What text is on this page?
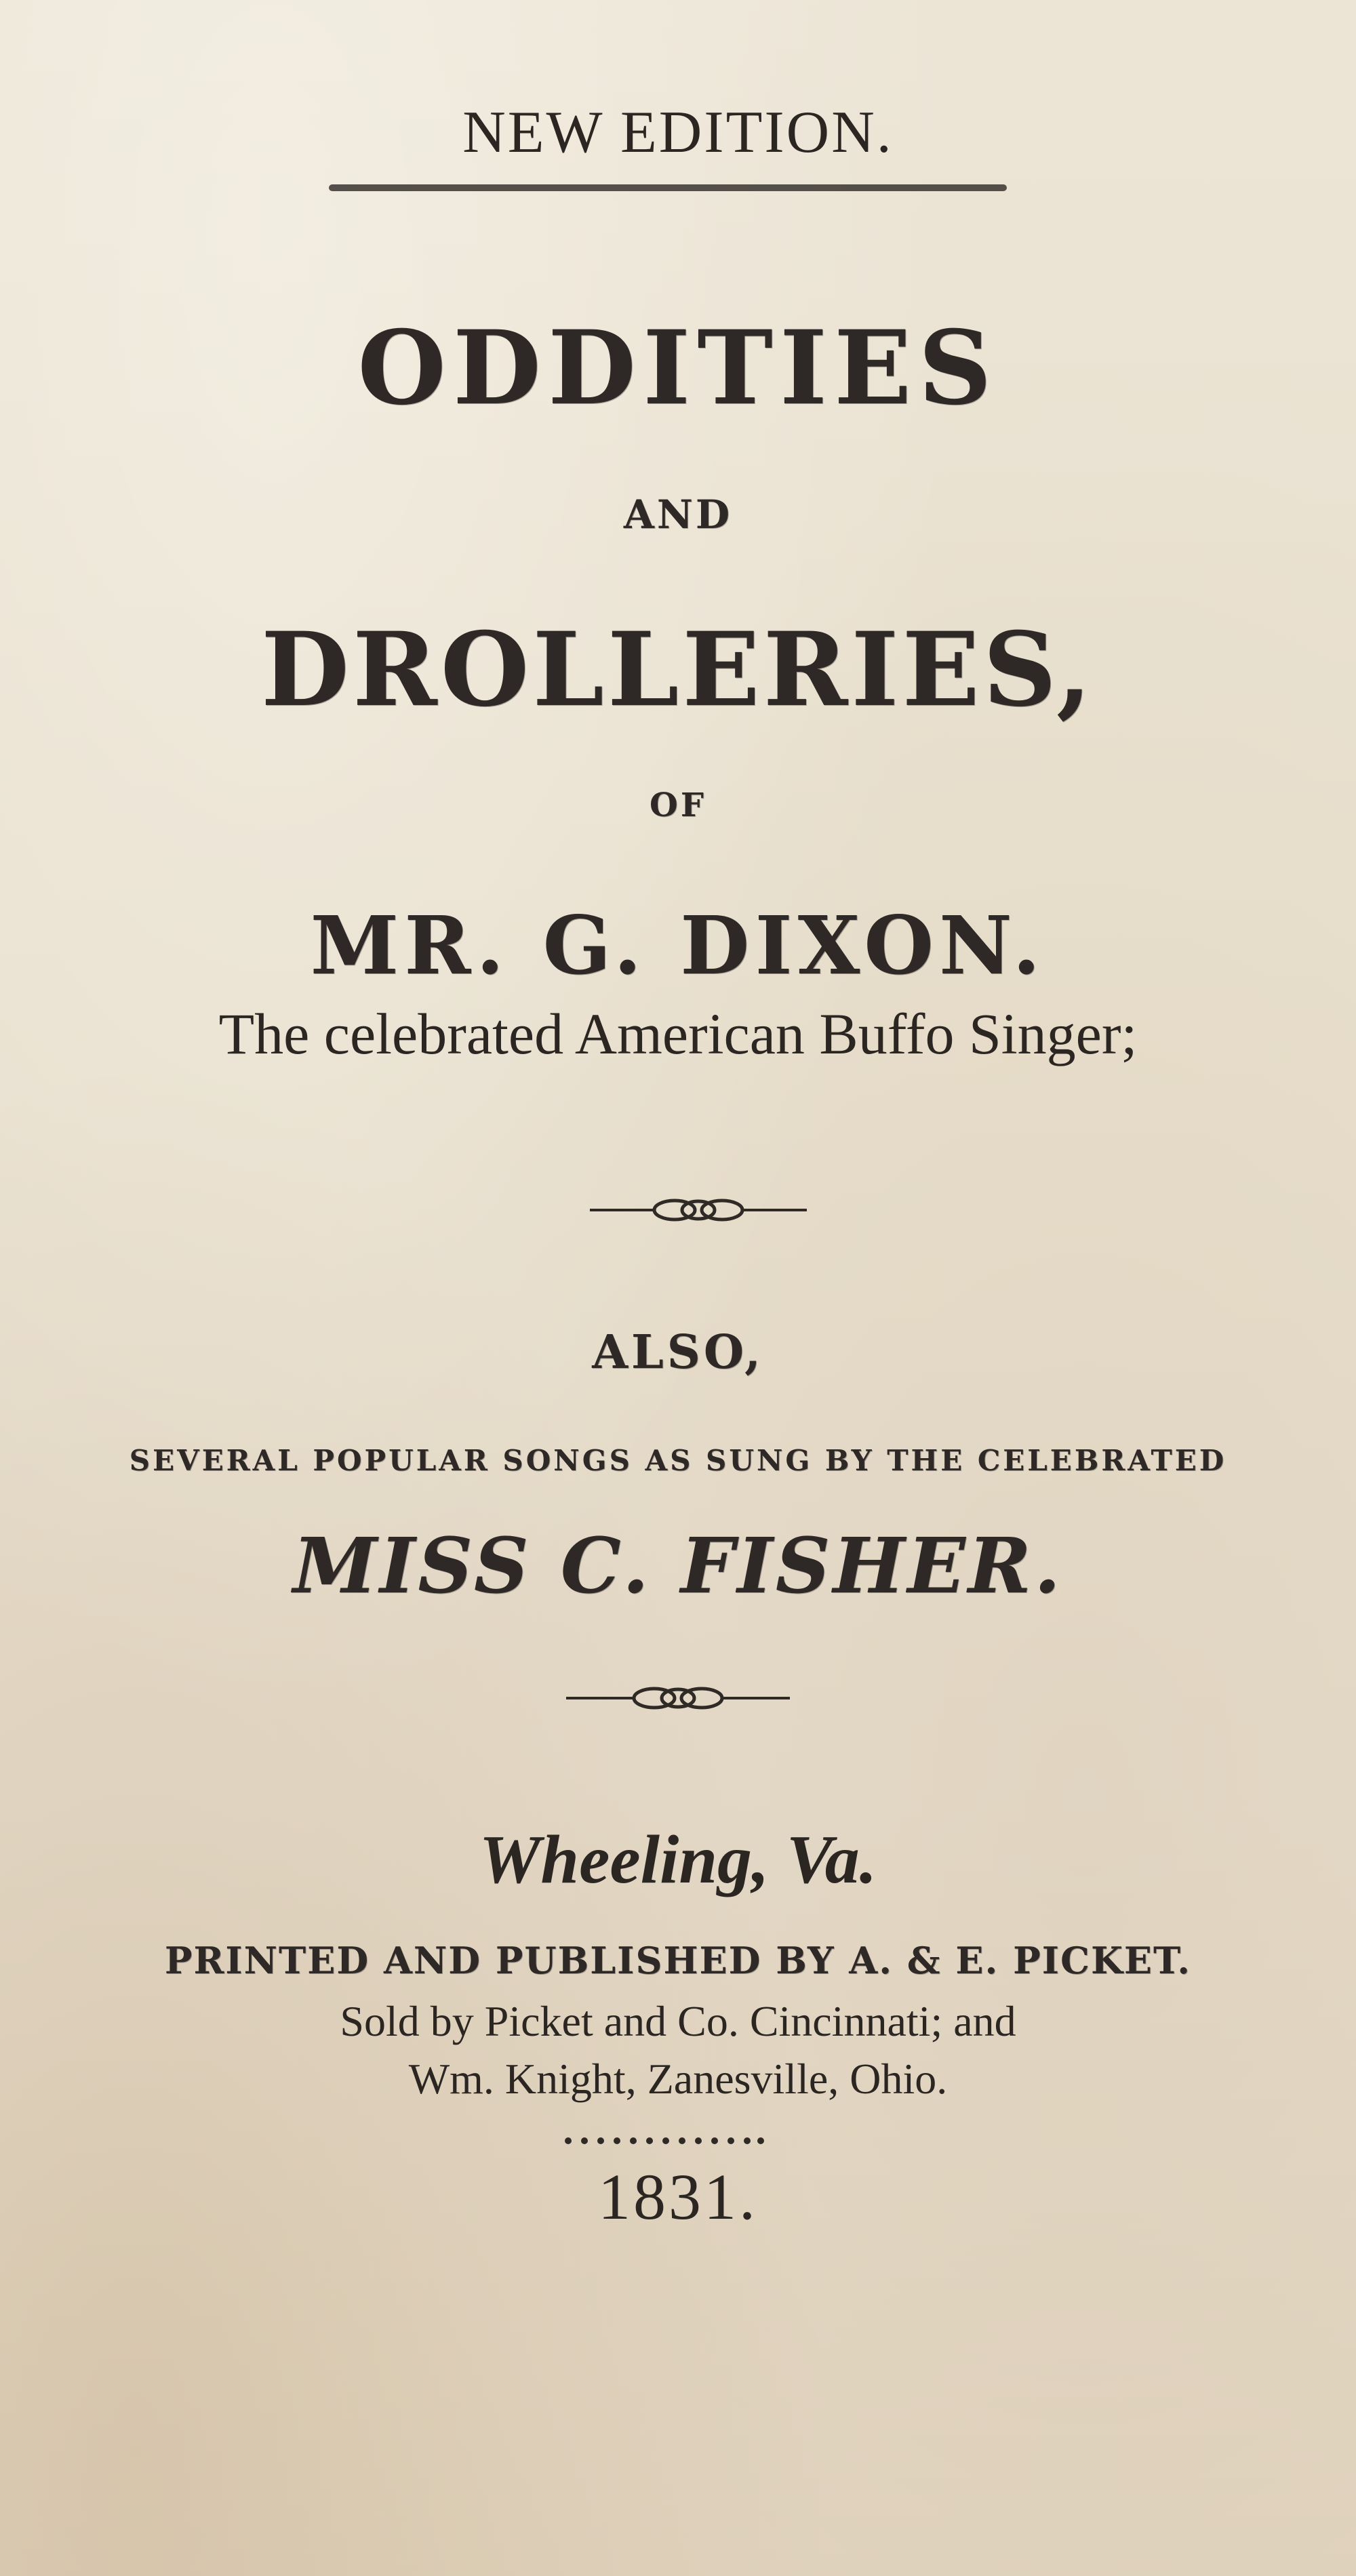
NEW EDITION.
ODDITIES
AND
DROLLERIES,
OF
MR. G. DIXON.
The celebrated American Buffo Singer;
ALSO,
SEVERAL POPULAR SONGS AS SUNG BY THE CELEBRATED
MISS C. FISHER.
Wheeling, Va.
PRINTED AND PUBLISHED BY A. & E. PICKET.
Sold by Picket and Co. Cincinnati; and
Wm. Knight, Zanesville, Ohio.
1831.
